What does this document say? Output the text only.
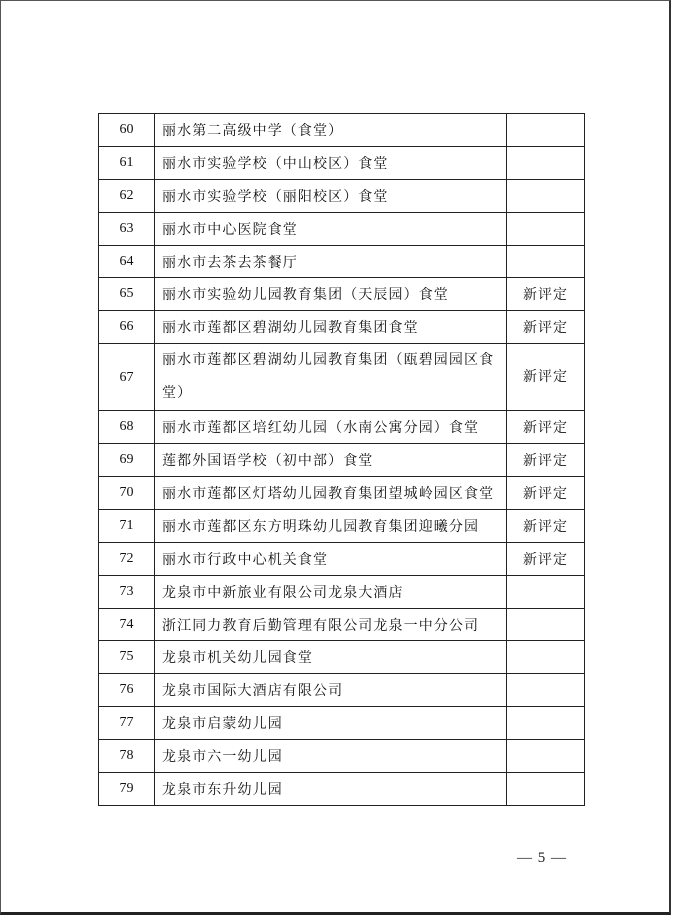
60	丽水第二高级中学（食堂）	
61	丽水市实验学校（中山校区）食堂	
62	丽水市实验学校（丽阳校区）食堂	
63	丽水市中心医院食堂	
64	丽水市去茶去茶餐厅	
65	丽水市实验幼儿园教育集团（天辰园）食堂	新评定
66	丽水市莲都区碧湖幼儿园教育集团食堂	新评定
67	丽水市莲都区碧湖幼儿园教育集团（瓯碧园园区食堂）	新评定
68	丽水市莲都区培红幼儿园（水南公寓分园）食堂	新评定
69	莲都外国语学校（初中部）食堂	新评定
70	丽水市莲都区灯塔幼儿园教育集团望城岭园区食堂	新评定
71	丽水市莲都区东方明珠幼儿园教育集团迎曦分园	新评定
72	丽水市行政中心机关食堂	新评定
73	龙泉市中新旅业有限公司龙泉大酒店	
74	浙江同力教育后勤管理有限公司龙泉一中分公司	
75	龙泉市机关幼儿园食堂	
76	龙泉市国际大酒店有限公司	
77	龙泉市启蒙幼儿园	
78	龙泉市六一幼儿园	
79	龙泉市东升幼儿园	
— 5 —
